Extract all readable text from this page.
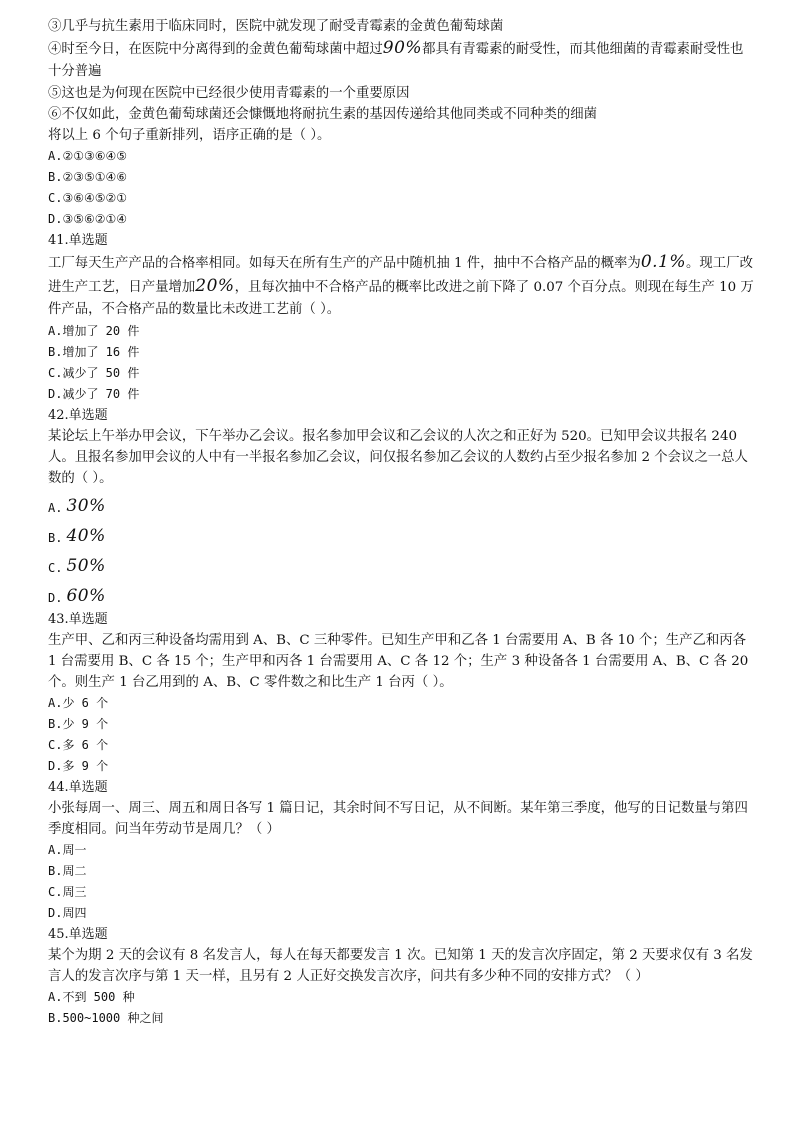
③几乎与抗生素用于临床同时，医院中就发现了耐受青霉素的金黄色葡萄球菌
④时至今日，在医院中分离得到的金黄色葡萄球菌中超过90%都具有青霉素的耐受性，而其他细菌的青霉素耐受性也十分普遍
⑤这也是为何现在医院中已经很少使用青霉素的一个重要原因
⑥不仅如此，金黄色葡萄球菌还会慷慨地将耐抗生素的基因传递给其他同类或不同种类的细菌
将以上 6 个句子重新排列，语序正确的是（ ）。
A.②①③⑥④⑤
B.②③⑤①④⑥
C.③⑥④⑤②①
D.③⑤⑥②①④
41.单选题
工厂每天生产产品的合格率相同。如每天在所有生产的产品中随机抽 1 件，抽中不合格产品的概率为0.1%。现工厂改进生产工艺，日产量增加20%，且每次抽中不合格产品的概率比改进之前下降了 0.07 个百分点。则现在每生产 10 万件产品，不合格产品的数量比未改进工艺前（ ）。
A.增加了 20 件
B.增加了 16 件
C.减少了 50 件
D.减少了 70 件
42.单选题
某论坛上午举办甲会议，下午举办乙会议。报名参加甲会议和乙会议的人次之和正好为 520。已知甲会议共报名 240 人。且报名参加甲会议的人中有一半报名参加乙会议，问仅报名参加乙会议的人数约占至少报名参加 2 个会议之一总人数的（ ）。
A. 30%
B. 40%
C. 50%
D. 60%
43.单选题
生产甲、乙和丙三种设备均需用到 A、B、C 三种零件。已知生产甲和乙各 1 台需要用 A、B 各 10 个；生产乙和丙各 1 台需要用 B、C 各 15 个；生产甲和丙各 1 台需要用 A、C 各 12 个；生产 3 种设备各 1 台需要用 A、B、C 各 20 个。则生产 1 台乙用到的 A、B、C 零件数之和比生产 1 台丙（ ）。
A.少 6 个
B.少 9 个
C.多 6 个
D.多 9 个
44.单选题
小张每周一、周三、周五和周日各写 1 篇日记，其余时间不写日记，从不间断。某年第三季度，他写的日记数量与第四季度相同。问当年劳动节是周几？（ ）
A.周一
B.周二
C.周三
D.周四
45.单选题
某个为期 2 天的会议有 8 名发言人，每人在每天都要发言 1 次。已知第 1 天的发言次序固定，第 2 天要求仅有 3 名发言人的发言次序与第 1 天一样，且另有 2 人正好交换发言次序，问共有多少种不同的安排方式？（ ）
A.不到 500 种
B.500~1000 种之间
